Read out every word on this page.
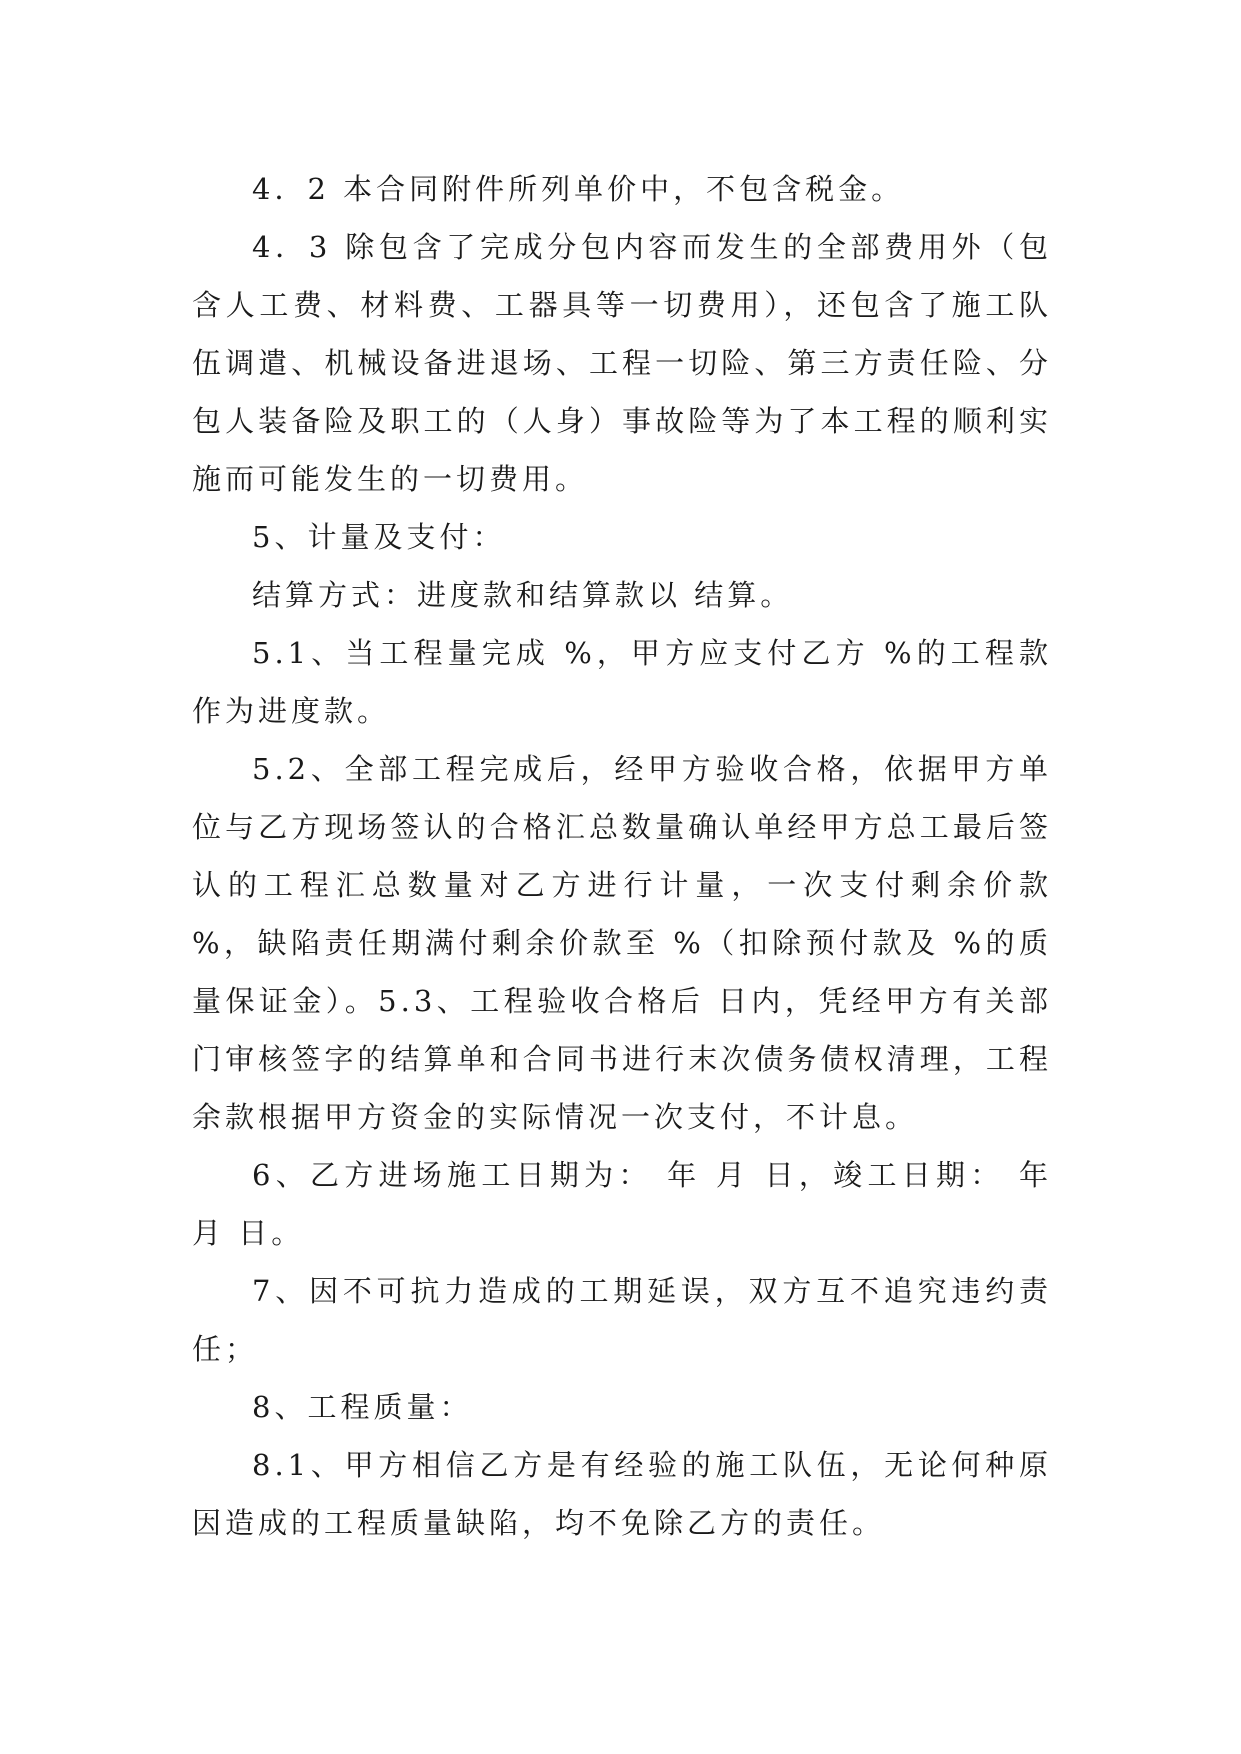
4．2 本合同附件所列单价中，不包含税金。

4．3 除包含了完成分包内容而发生的全部费用外（包含人工费、材料费、工器具等一切费用），还包含了施工队伍调遣、机械设备进退场、工程一切险、第三方责任险、分包人装备险及职工的（人身）事故险等为了本工程的顺利实施而可能发生的一切费用。

5、计量及支付：

结算方式：进度款和结算款以 结算。

5.1、当工程量完成 %，甲方应支付乙方 %的工程款作为进度款。

5.2、全部工程完成后，经甲方验收合格，依据甲方单位与乙方现场签认的合格汇总数量确认单经甲方总工最后签认的工程汇总数量对乙方进行计量，一次支付剩余价款 %，缺陷责任期满付剩余价款至 %（扣除预付款及 %的质量保证金）。5.3、工程验收合格后 日内，凭经甲方有关部门审核签字的结算单和合同书进行末次债务债权清理，工程余款根据甲方资金的实际情况一次支付，不计息。

6、乙方进场施工日期为： 年 月 日，竣工日期： 年 月 日。

7、因不可抗力造成的工期延误，双方互不追究违约责任；

8、工程质量：

8.1、甲方相信乙方是有经验的施工队伍，无论何种原因造成的工程质量缺陷，均不免除乙方的责任。
